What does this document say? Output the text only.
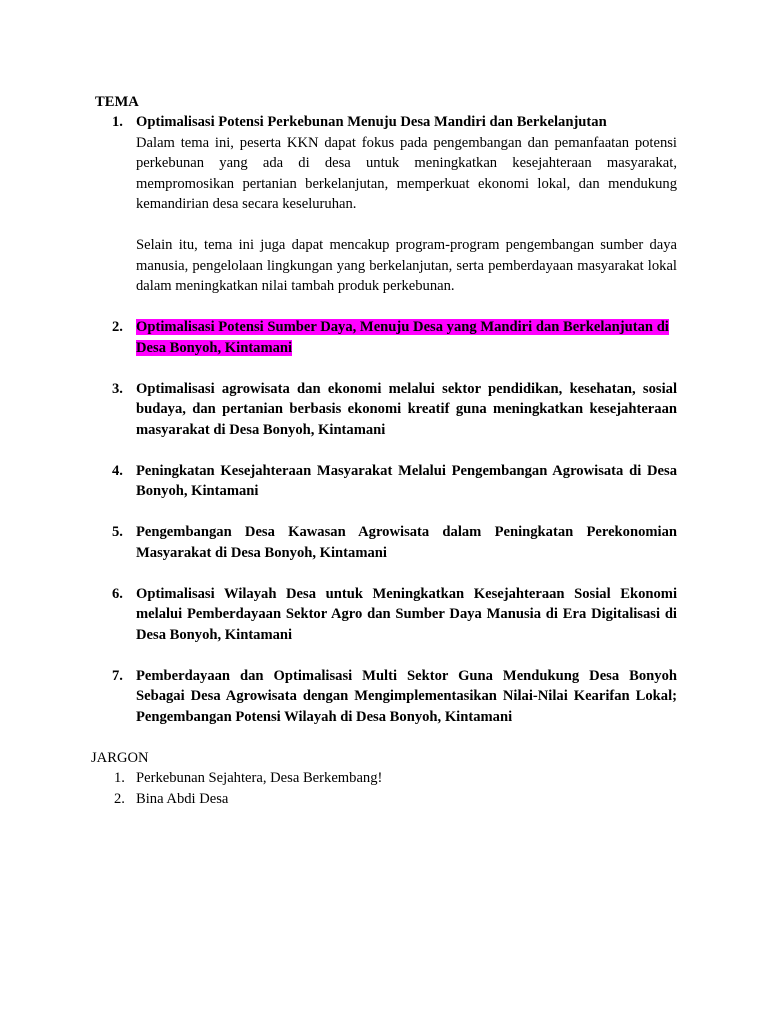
TEMA
1. Optimalisasi Potensi Perkebunan Menuju Desa Mandiri dan Berkelanjutan

Dalam tema ini, peserta KKN dapat fokus pada pengembangan dan pemanfaatan potensi perkebunan yang ada di desa untuk meningkatkan kesejahteraan masyarakat, mempromosikan pertanian berkelanjutan, memperkuat ekonomi lokal, dan mendukung kemandirian desa secara keseluruhan.

Selain itu, tema ini juga dapat mencakup program-program pengembangan sumber daya manusia, pengelolaan lingkungan yang berkelanjutan, serta pemberdayaan masyarakat lokal dalam meningkatkan nilai tambah produk perkebunan.

2. Optimalisasi Potensi Sumber Daya, Menuju Desa yang Mandiri dan Berkelanjutan di Desa Bonyoh, Kintamani
3. Optimalisasi agrowisata dan ekonomi melalui sektor pendidikan, kesehatan, sosial budaya, dan pertanian berbasis ekonomi kreatif guna meningkatkan kesejahteraan masyarakat di Desa Bonyoh, Kintamani
4. Peningkatan Kesejahteraan Masyarakat Melalui Pengembangan Agrowisata di Desa Bonyoh, Kintamani
5. Pengembangan Desa Kawasan Agrowisata dalam Peningkatan Perekonomian Masyarakat di Desa Bonyoh, Kintamani
6. Optimalisasi Wilayah Desa untuk Meningkatkan Kesejahteraan Sosial Ekonomi melalui Pemberdayaan Sektor Agro dan Sumber Daya Manusia di Era Digitalisasi di Desa Bonyoh, Kintamani
7. Pemberdayaan dan Optimalisasi Multi Sektor Guna Mendukung Desa Bonyoh Sebagai Desa Agrowisata dengan Mengimplementasikan Nilai-Nilai Kearifan Lokal; Pengembangan Potensi Wilayah di Desa Bonyoh, Kintamani
JARGON
1. Perkebunan Sejahtera, Desa Berkembang!
2. Bina Abdi Desa
